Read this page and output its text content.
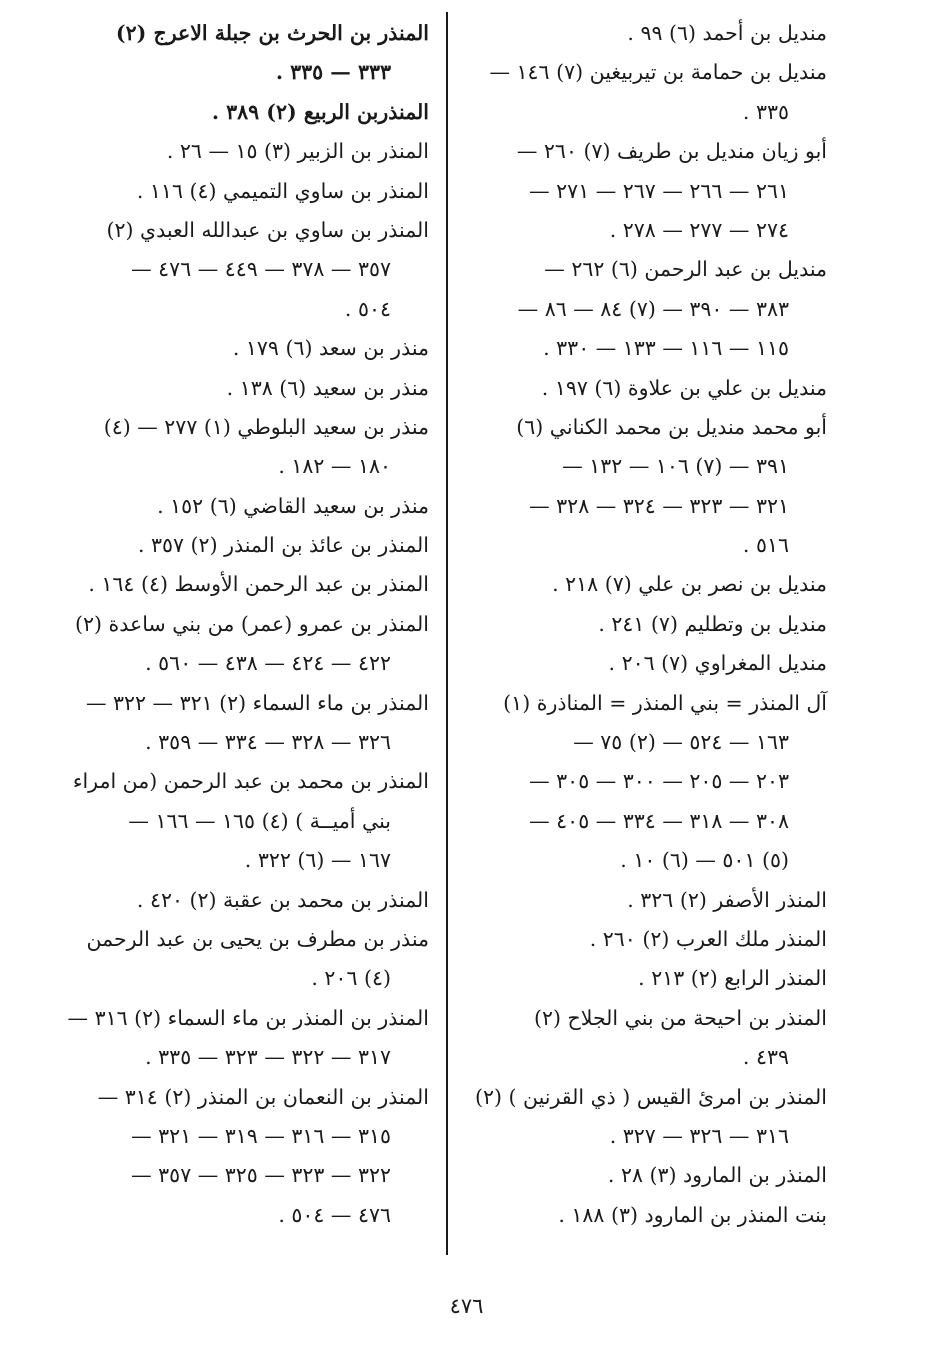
منديل بن أحمد (٦) ٩٩ .
منديل بن حمامة بن تيربيغين (٧) ١٤٦ —
٣٣٥ .
أبو زيان منديل بن طريف (٧) ٢٦٠ —
٢٦١ — ٢٦٦ — ٢٦٧ — ٢٧١ —
٢٧٤ — ٢٧٧ — ٢٧٨ .
منديل بن عبد الرحمن (٦) ٢٦٢ —
٣٨٣ — ٣٩٠ — (٧) ٨٤ — ٨٦ —
١١٥ — ١١٦ — ١٣٣ — ٣٣٠ .
منديل بن علي بن علاوة (٦) ١٩٧ .
أبو محمد منديل بن محمد الكناني (٦)
٣٩١ — (٧) ١٠٦ — ١٣٢ —
٣٢١ — ٣٢٣ — ٣٢٤ — ٣٢٨ —
٥١٦ .
منديل بن نصر بن علي (٧) ٢١٨ .
منديل بن وتطليم (٧) ٢٤١ .
منديل المغراوي (٧) ٢٠٦ .
آل المنذر = بني المنذر = المناذرة (١)
١٦٣ — ٥٢٤ — (٢) ٧٥ —
٢٠٣ — ٢٠٥ — ٣٠٠ — ٣٠٥ —
٣٠٨ — ٣١٨ — ٣٣٤ — ٤٠٥ —
(٥) ٥٠١ — (٦) ١٠ .
المنذر الأصفر (٢) ٣٢٦ .
المنذر ملك العرب (٢) ٢٦٠ .
المنذر الرابع (٢) ٢١٣ .
المنذر بن احيحة من بني الجلاح (٢)
٤٣٩ .
المنذر بن امرئ القيس ( ذي القرنين ) (٢)
٣١٦ — ٣٢٦ — ٣٢٧ .
المنذر بن المارود (٣) ٢٨ .
بنت المنذر بن المارود (٣) ١٨٨ .
المنذر بن الحرث بن جبلة الاعرج (٢)
٣٣٣ — ٣٣٥ .
المنذربن الربيع (٢) ٣٨٩ .
المنذر بن الزبير (٣) ١٥ — ٢٦ .
المنذر بن ساوي التميمي (٤) ١١٦ .
المنذر بن ساوي بن عبدالله العبدي (٢)
٣٥٧ — ٣٧٨ — ٤٤٩ — ٤٧٦ —
٥٠٤ .
منذر بن سعد (٦) ١٧٩ .
منذر بن سعيد (٦) ١٣٨ .
منذر بن سعيد البلوطي (١) ٢٧٧ — (٤)
١٨٠ — ١٨٢ .
منذر بن سعيد القاضي (٦) ١٥٢ .
المنذر بن عائذ بن المنذر (٢) ٣٥٧ .
المنذر بن عبد الرحمن الأوسط (٤) ١٦٤ .
المنذر بن عمرو (عمر) من بني ساعدة (٢)
٤٢٢ — ٤٢٤ — ٤٣٨ — ٥٦٠ .
المنذر بن ماء السماء (٢) ٣٢١ — ٣٢٢ —
٣٢٦ — ٣٢٨ — ٣٣٤ — ٣٥٩ .
المنذر بن محمد بن عبد الرحمن (من امراء
بني أميــة ) (٤) ١٦٥ — ١٦٦ —
١٦٧ — (٦) ٣٢٢ .
المنذر بن محمد بن عقبة (٢) ٤٢٠ .
منذر بن مطرف بن يحيى بن عبد الرحمن
(٤) ٢٠٦ .
المنذر بن المنذر بن ماء السماء (٢) ٣١٦ —
٣١٧ — ٣٢٢ — ٣٢٣ — ٣٣٥ .
المنذر بن النعمان بن المنذر (٢) ٣١٤ —
٣١٥ — ٣١٦ — ٣١٩ — ٣٢١ —
٣٢٢ — ٣٢٣ — ٣٢٥ — ٣٥٧ —
٤٧٦ — ٥٠٤ .
٤٧٦
